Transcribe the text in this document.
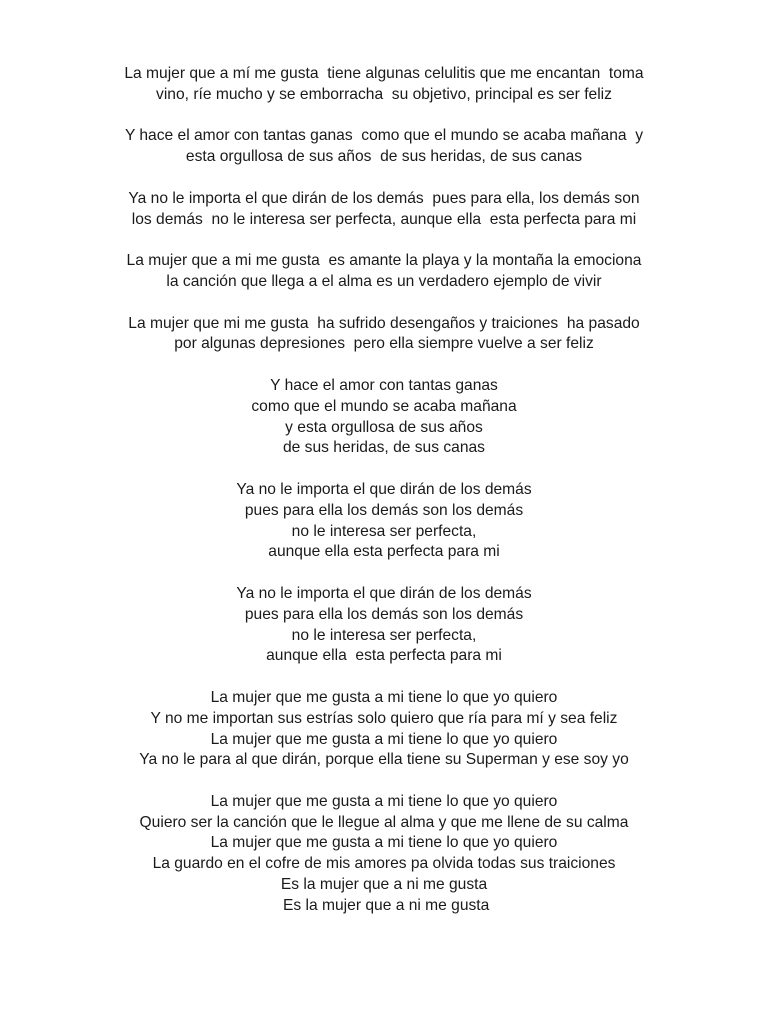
La mujer que a mí me gusta  tiene algunas celulitis que me encantan  toma
vino, ríe mucho y se emborracha  su objetivo, principal es ser feliz
Y hace el amor con tantas ganas  como que el mundo se acaba mañana  y
esta orgullosa de sus años  de sus heridas, de sus canas
Ya no le importa el que dirán de los demás  pues para ella, los demás son
los demás  no le interesa ser perfecta, aunque ella  esta perfecta para mi
La mujer que a mi me gusta  es amante la playa y la montaña la emociona
la canción que llega a el alma es un verdadero ejemplo de vivir
La mujer que mi me gusta  ha sufrido desengaños y traiciones  ha pasado
por algunas depresiones  pero ella siempre vuelve a ser feliz
Y hace el amor con tantas ganas
como que el mundo se acaba mañana
y esta orgullosa de sus años
de sus heridas, de sus canas
Ya no le importa el que dirán de los demás
pues para ella los demás son los demás
no le interesa ser perfecta,
aunque ella esta perfecta para mi
Ya no le importa el que dirán de los demás
pues para ella los demás son los demás
no le interesa ser perfecta,
aunque ella  esta perfecta para mi
La mujer que me gusta a mi tiene lo que yo quiero
Y no me importan sus estrías solo quiero que ría para mí y sea feliz
La mujer que me gusta a mi tiene lo que yo quiero
Ya no le para al que dirán, porque ella tiene su Superman y ese soy yo
La mujer que me gusta a mi tiene lo que yo quiero
Quiero ser la canción que le llegue al alma y que me llene de su calma
La mujer que me gusta a mi tiene lo que yo quiero
La guardo en el cofre de mis amores pa olvida todas sus traiciones
Es la mujer que a ni me gusta
Es la mujer que a ni me gusta
